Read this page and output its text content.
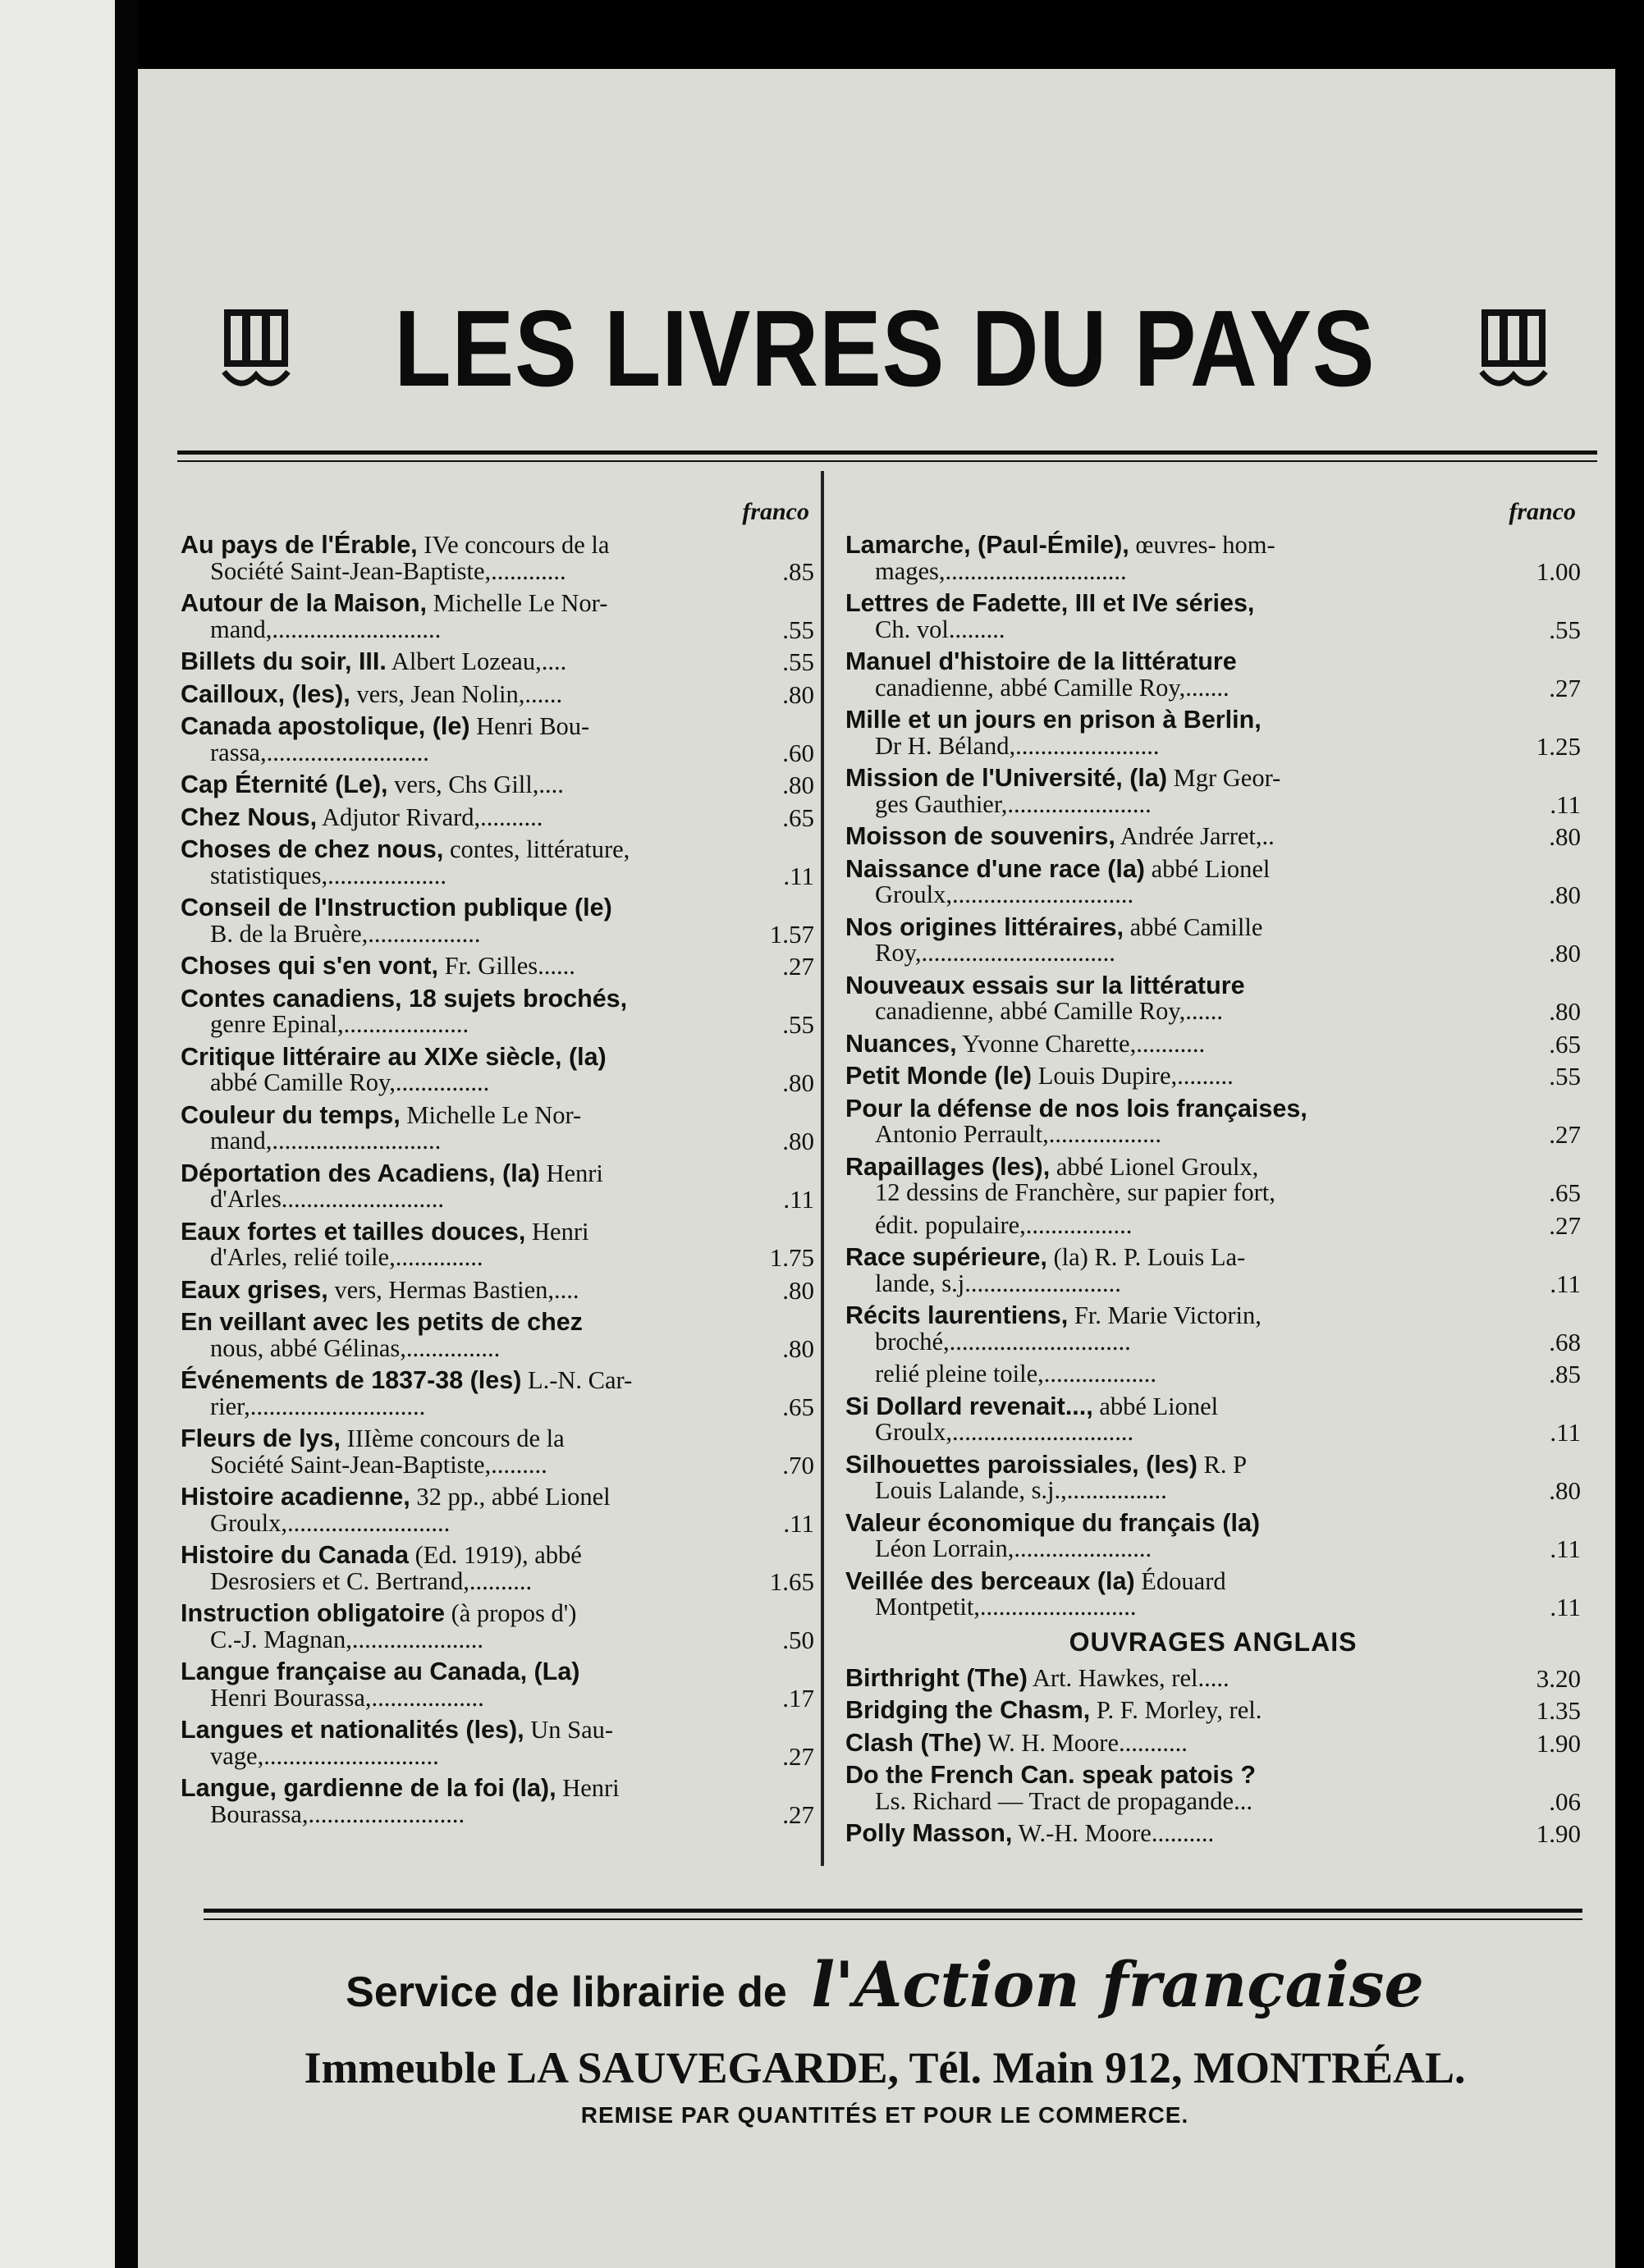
LES LIVRES DU PAYS
franco
Au pays de l'Érable, IVe concours de la
Société Saint-Jean-Baptiste,............	.85
Autour de la Maison, Michelle Le Nor-
mand,...........................	.55
Billets du soir, III. Albert Lozeau,....	.55
Cailloux, (les), vers, Jean Nolin,......	.80
Canada apostolique, (le) Henri Bou-
rassa,..........................	.60
Cap Éternité (Le), vers, Chs Gill,....	.80
Chez Nous, Adjutor Rivard,..........	.65
Choses de chez nous, contes, littérature,
statistiques,...................	.11
Conseil de l'Instruction publique (le)
B. de la Bruère,..................	1.57
Choses qui s'en vont, Fr. Gilles......	.27
Contes canadiens, 18 sujets brochés,
genre Epinal,....................	.55
Critique littéraire au XIXe siècle, (la)
abbé Camille Roy,...............	.80
Couleur du temps, Michelle Le Nor-
mand,...........................	.80
Déportation des Acadiens, (la) Henri
d'Arles..........................	.11
Eaux fortes et tailles douces, Henri
d'Arles, relié toile,..............	1.75
Eaux grises, vers, Hermas Bastien,....	.80
En veillant avec les petits de chez
nous, abbé Gélinas,...............	.80
Événements de 1837-38 (les) L.-N. Car-
rier,............................	.65
Fleurs de lys, IIIème concours de la
Société Saint-Jean-Baptiste,.........	.70
Histoire acadienne, 32 pp., abbé Lionel
Groulx,..........................	.11
Histoire du Canada (Ed. 1919), abbé
Desrosiers et C. Bertrand,..........	1.65
Instruction obligatoire (à propos d')
C.-J. Magnan,.....................	.50
Langue française au Canada, (La)
Henri Bourassa,..................	.17
Langues et nationalités (les), Un Sau-
vage,............................	.27
Langue, gardienne de la foi (la), Henri
Bourassa,.........................	.27
franco
Lamarche, (Paul-Émile), œuvres- hom-
mages,.............................	1.00
Lettres de Fadette, III et IVe séries,
Ch. vol.........	.55
Manuel d'histoire de la littérature
canadienne, abbé Camille Roy,.......	.27
Mille et un jours en prison à Berlin,
Dr H. Béland,.......................	1.25
Mission de l'Université, (la) Mgr Geor-
ges Gauthier,.......................	.11
Moisson de souvenirs, Andrée Jarret,..	.80
Naissance d'une race (la) abbé Lionel
Groulx,.............................	.80
Nos origines littéraires, abbé Camille
Roy,...............................	.80
Nouveaux essais sur la littérature
canadienne, abbé Camille Roy,......	.80
Nuances, Yvonne Charette,...........	.65
Petit Monde (le) Louis Dupire,.........	.55
Pour la défense de nos lois françaises,
Antonio Perrault,..................	.27
Rapaillages (les), abbé Lionel Groulx,
12 dessins de Franchère, sur papier fort,	.65
édit. populaire,.................	.27
Race supérieure, (la) R. P. Louis La-
lande, s.j.........................	.11
Récits laurentiens, Fr. Marie Victorin,
broché,.............................	.68
relié pleine toile,..................	.85
Si Dollard revenait..., abbé Lionel
Groulx,.............................	.11
Silhouettes paroissiales, (les) R. P
Louis Lalande, s.j.,................	.80
Valeur économique du français (la)
Léon Lorrain,......................	.11
Veillée des berceaux (la) Édouard
Montpetit,.........................	.11
OUVRAGES ANGLAIS
Birthright (The) Art. Hawkes, rel.....	3.20
Bridging the Chasm, P. F. Morley, rel.	1.35
Clash (The) W. H. Moore...........	1.90
Do the French Can. speak patois ?
Ls. Richard — Tract de propagande...	.06
Polly Masson, W.-H. Moore..........	1.90
Service de librairie de l'Action française
Immeuble LA SAUVEGARDE, Tél. Main 912, MONTRÉAL.
REMISE PAR QUANTITÉS ET POUR LE COMMERCE.
